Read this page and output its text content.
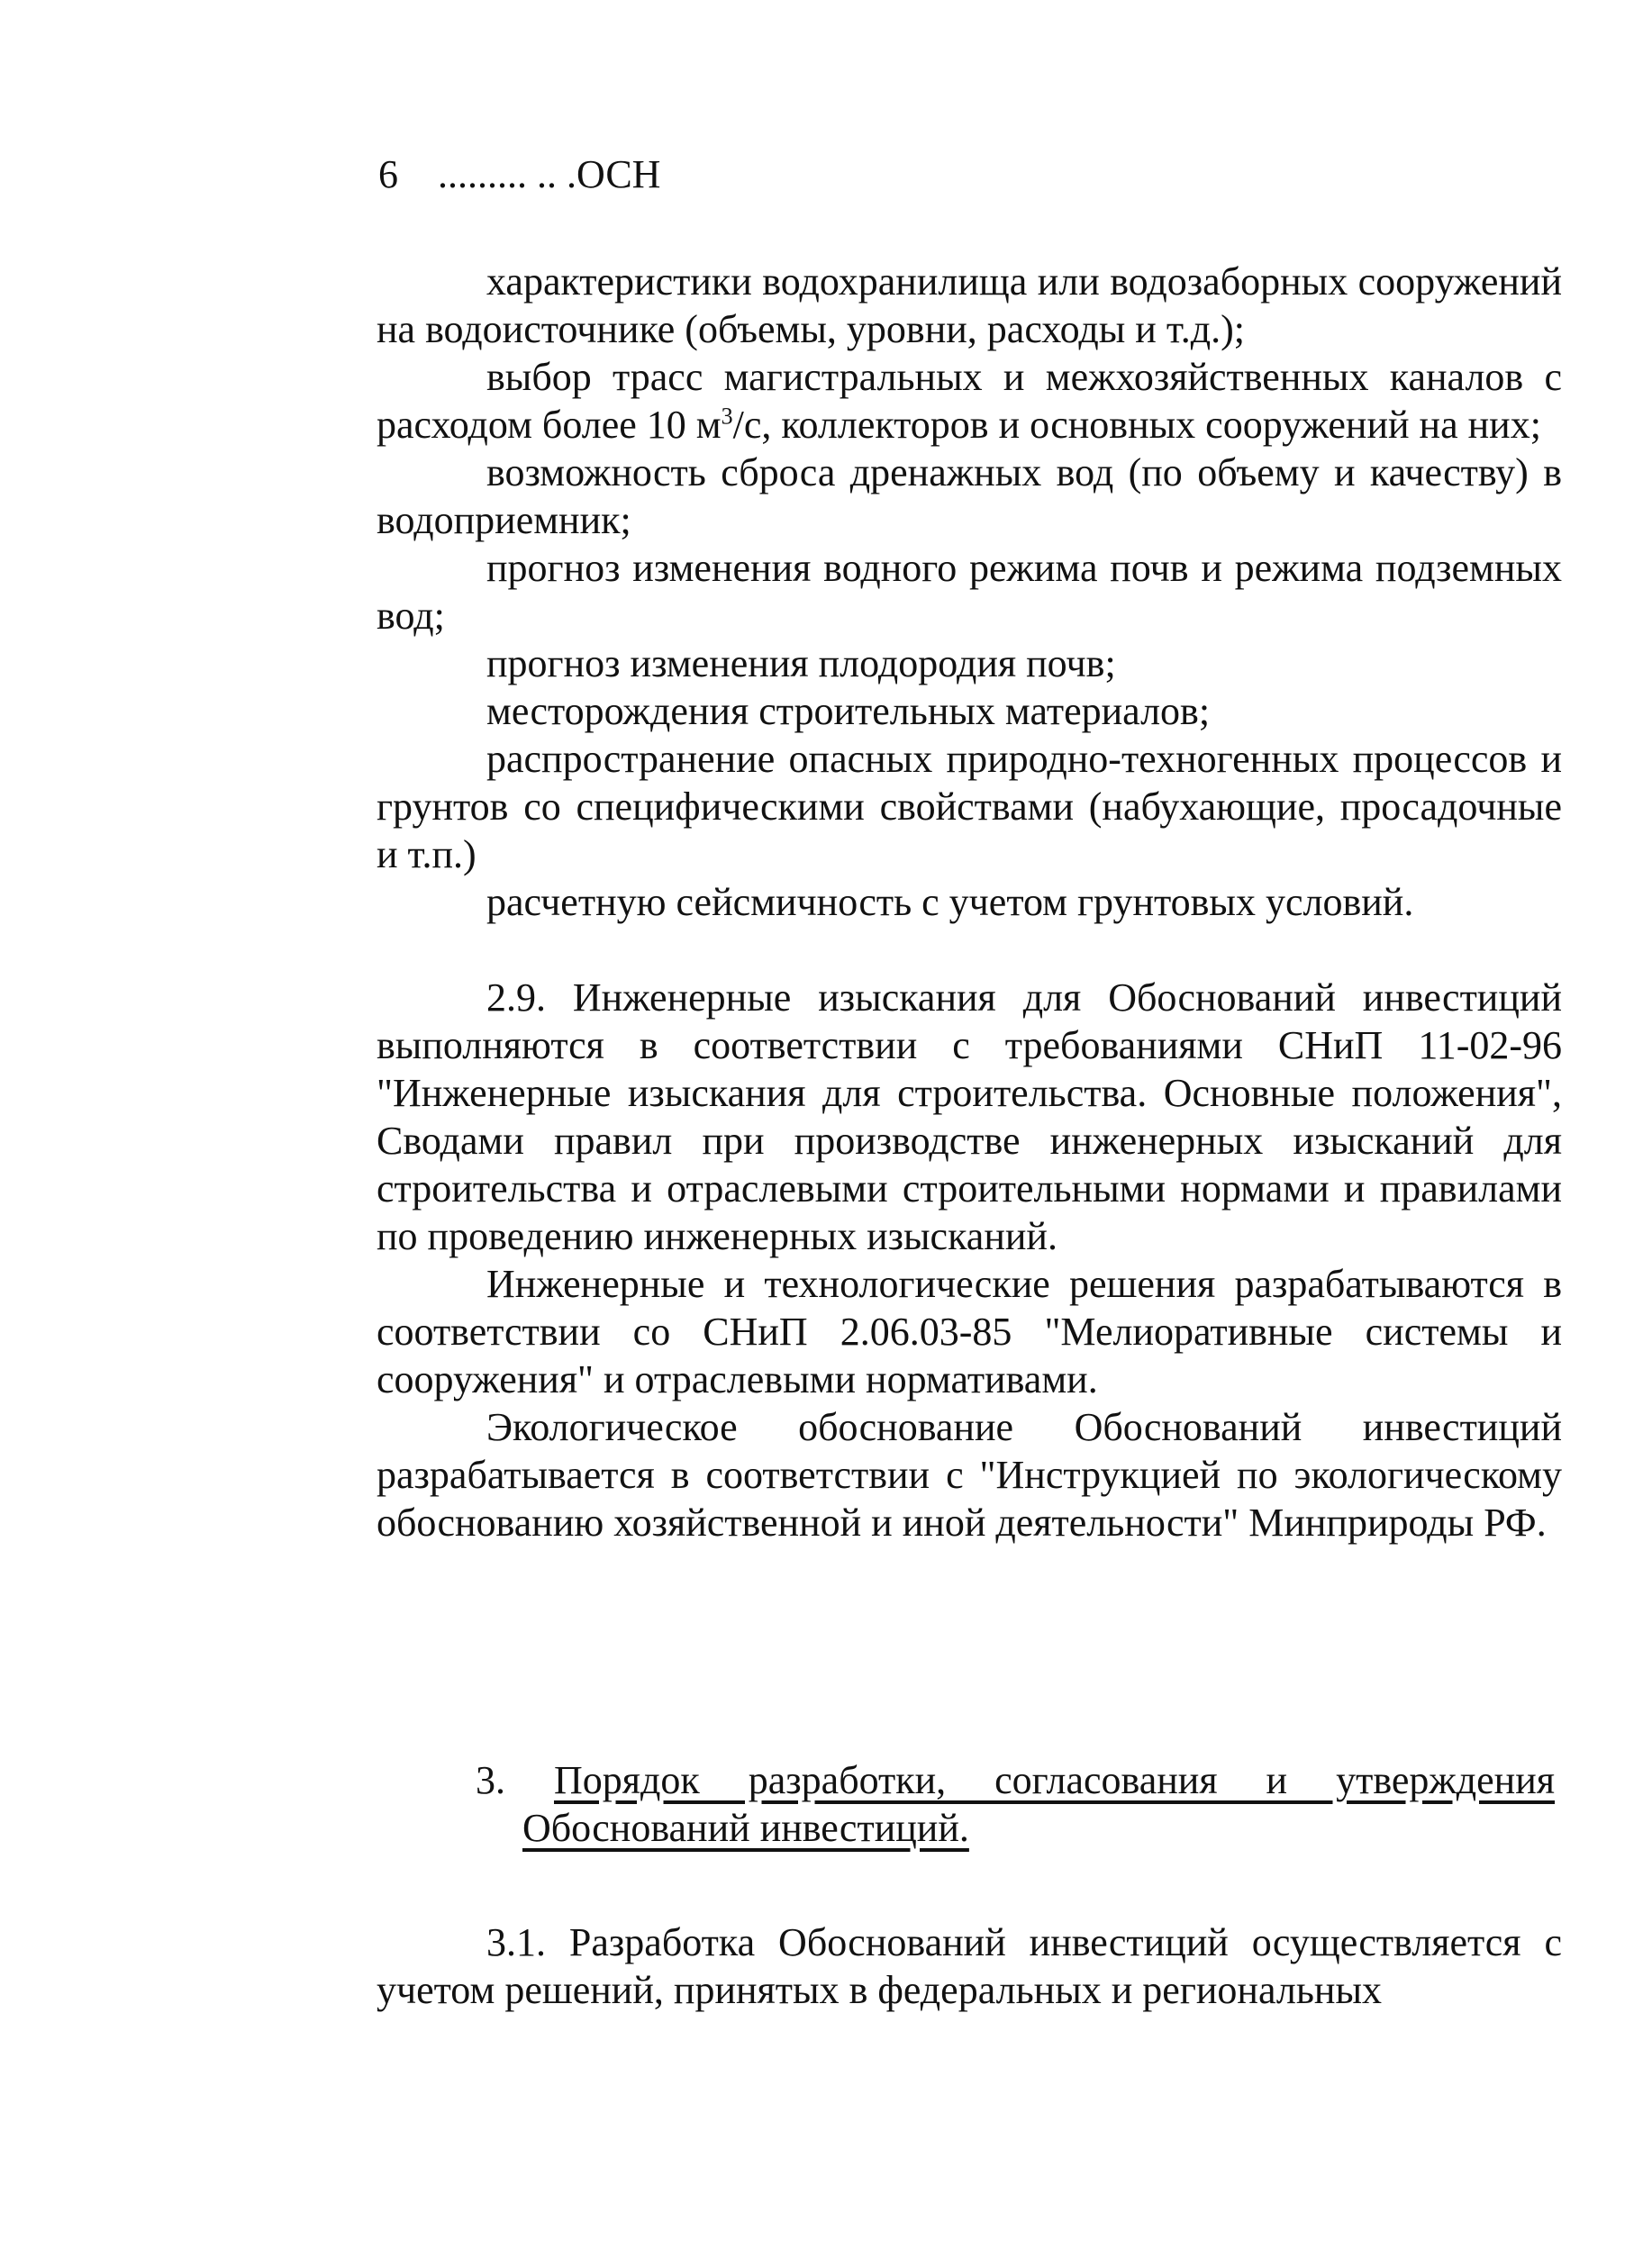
6 ......... .. .ОСН

характеристики водохранилища или водозаборных сооружений на водоисточнике (объемы, уровни, расходы и т.д.);

выбор трасс магистральных и межхозяйственных каналов с расходом более 10 $м^3/с$, коллекторов и основных сооружений на них;

возможность сброса дренажных вод (по объему и качеству) в водоприемник;

прогноз изменения водного режима почв и режима подземных вод;

прогноз изменения плодородия почв;

месторождения строительных материалов;

распространение опасных природно-техногенных процессов и грунтов со специфическими свойствами (набухающие, просадочные и т.п.)

расчетную сейсмичность с учетом грунтовых условий.

2.9. Инженерные изыскания для Обоснований инвестиций выполняются в соответствии с требованиями СНиП 11-02-96 "Инженерные изыскания для строительства. Основные положения", Сводами правил при производстве инженерных изысканий для строительства и отраслевыми строительными нормами и правилами по проведению инженерных изысканий.

Инженерные и технологические решения разрабатываются в соответствии со СНиП 2.06.03-85 "Мелиоративные системы и сооружения" и отраслевыми нормативами.

Экологическое обоснование Обоснований инвестиций разрабатывается в соответствии с "Инструкцией по экологическому обоснованию хозяйственной и иной деятельности" Минприроды РФ.

3. Порядок разработки, согласования и утверждения Обоснований инвестиций.

3.1. Разработка Обоснований инвестиций осуществляется с учетом решений, принятых в федеральных и региональных
